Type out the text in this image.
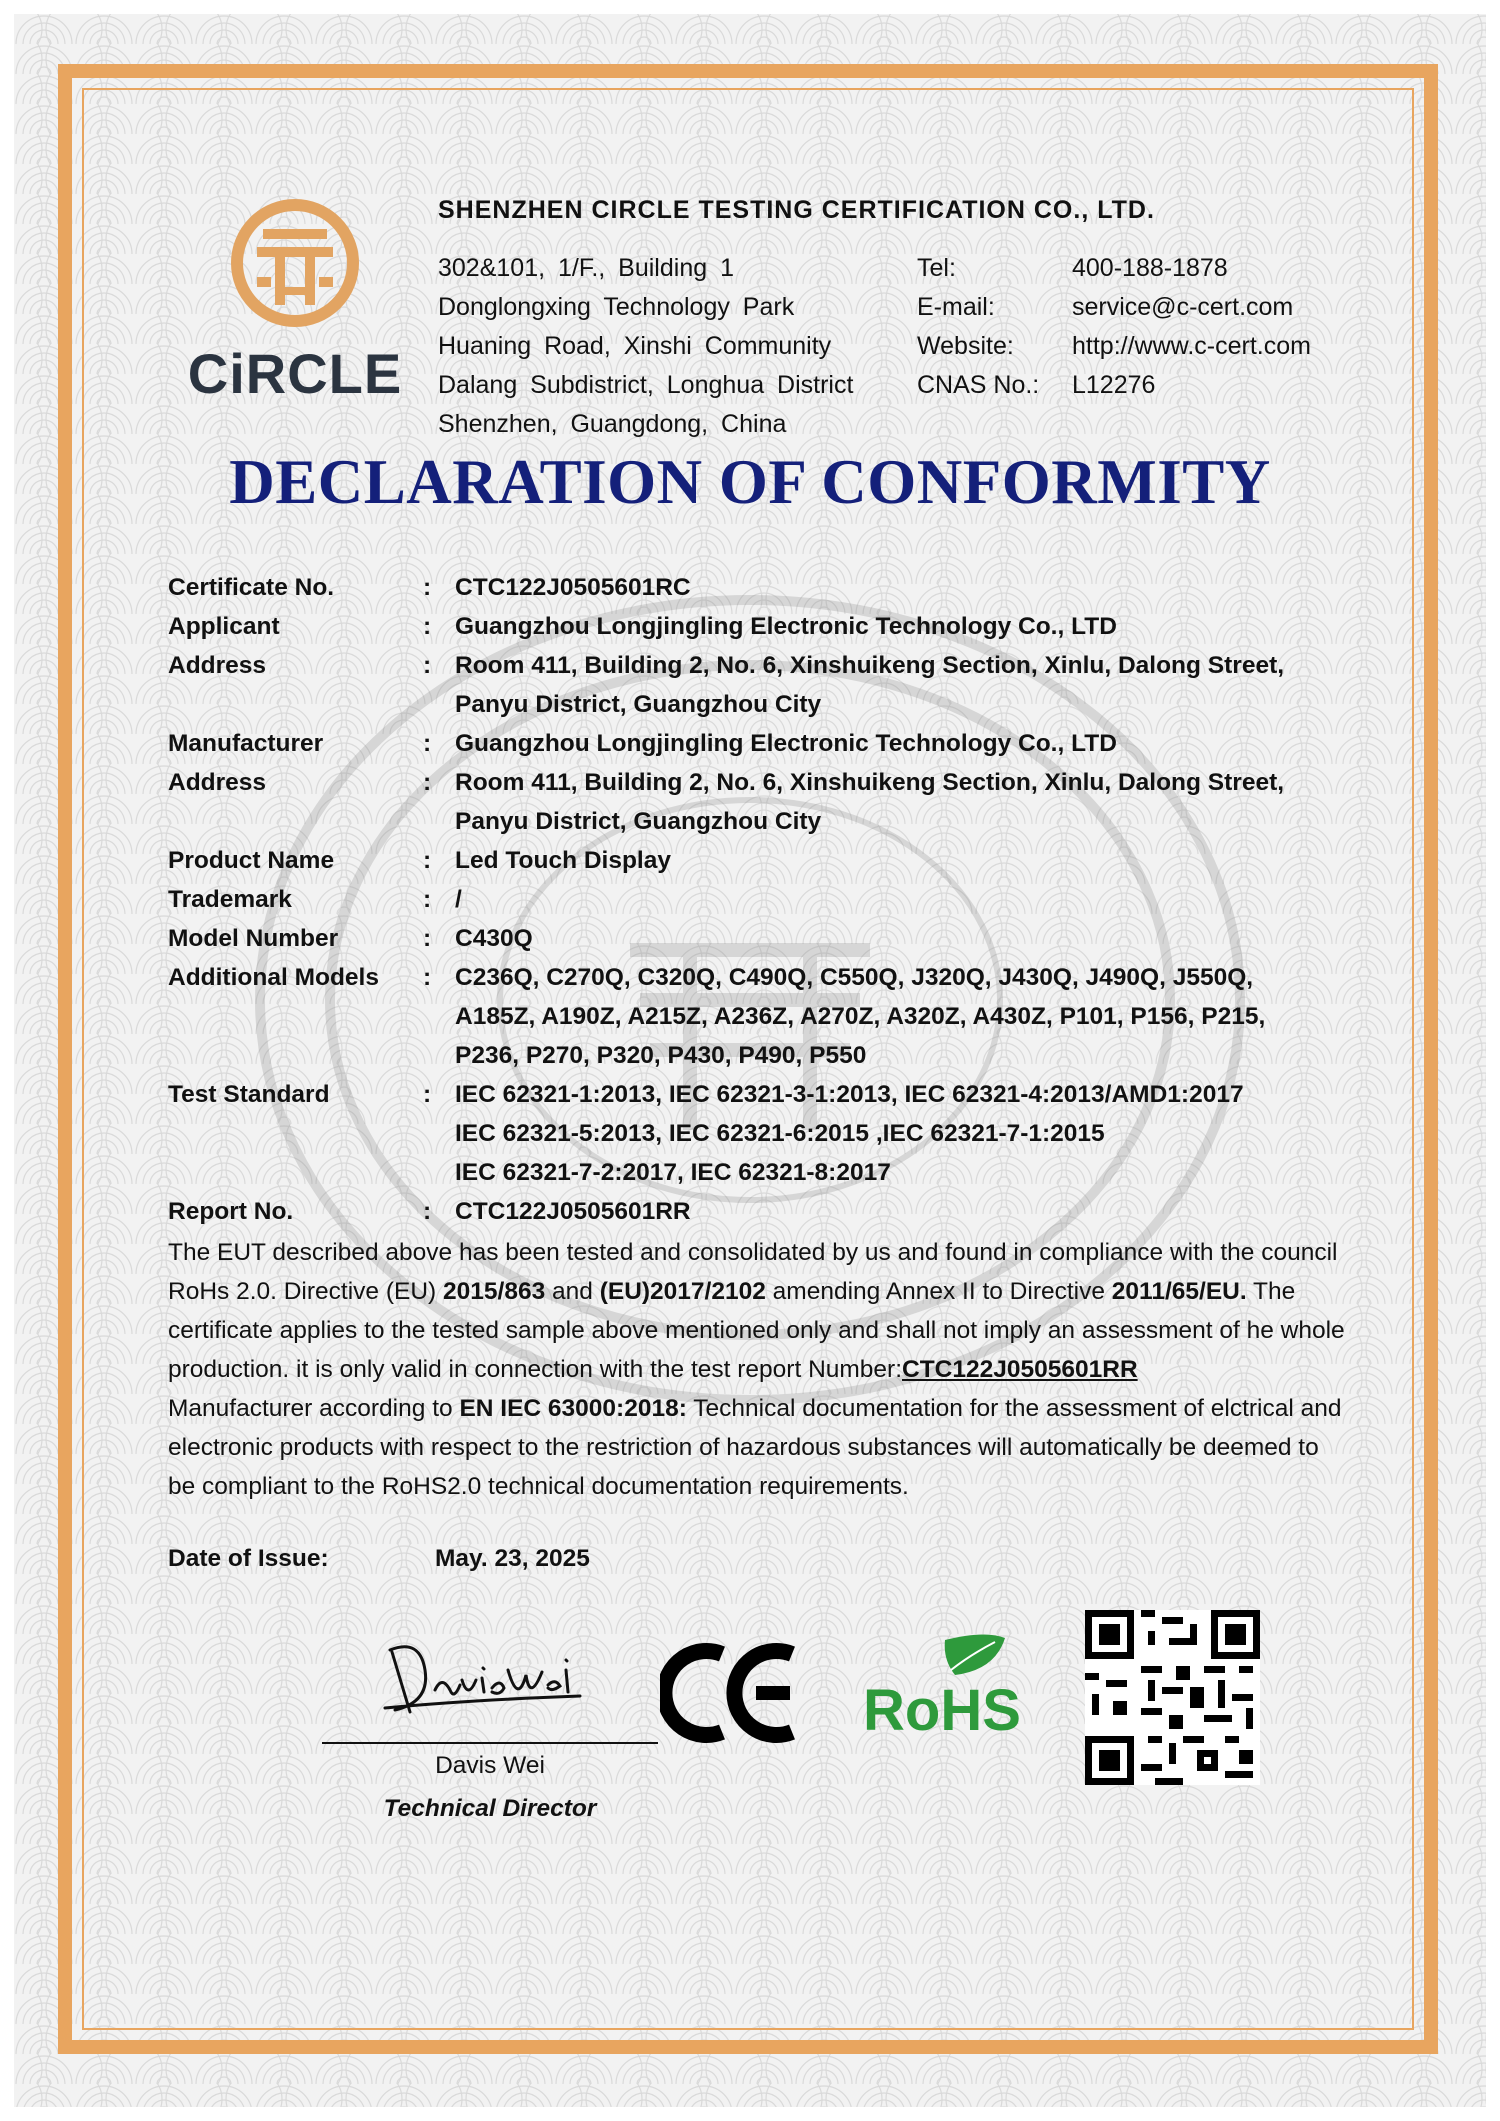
CiRCLE
SHENZHEN CIRCLE TESTING CERTIFICATION CO., LTD.
302&101, 1/F., Building 1
Donglongxing Technology Park
Huaning Road, Xinshi Community
Dalang Subdistrict, Longhua District
Shenzhen, Guangdong, China
Tel:	400-188-1878
E-mail:	service@c-cert.com
Website:	http://www.c-cert.com
CNAS No.:	L12276
DECLARATION OF CONFORMITY
Certificate No.	: CTC122J0505601RC
Applicant	: Guangzhou Longjingling Electronic Technology Co., LTD
Address	: Room 411, Building 2, No. 6, Xinshuikeng Section, Xinlu, Dalong Street,
Panyu District, Guangzhou City
Manufacturer	: Guangzhou Longjingling Electronic Technology Co., LTD
Address	: Room 411, Building 2, No. 6, Xinshuikeng Section, Xinlu, Dalong Street,
Panyu District, Guangzhou City
Product Name	: Led Touch Display
Trademark	: /
Model Number	: C430Q
Additional Models	: C236Q, C270Q, C320Q, C490Q, C550Q, J320Q, J430Q, J490Q, J550Q,
A185Z, A190Z, A215Z, A236Z, A270Z, A320Z, A430Z, P101, P156, P215,
P236, P270, P320, P430, P490, P550
Test Standard	: IEC 62321-1:2013, IEC 62321-3-1:2013, IEC 62321-4:2013/AMD1:2017
IEC 62321-5:2013, IEC 62321-6:2015 ,IEC 62321-7-1:2015
IEC 62321-7-2:2017, IEC 62321-8:2017
Report No.	: CTC122J0505601RR
The EUT described above has been tested and consolidated by us and found in compliance with the council RoHs 2.0. Directive (EU) 2015/863 and (EU)2017/2102 amending Annex II to Directive 2011/65/EU. The certificate applies to the tested sample above mentioned only and shall not imply an assessment of he whole production. it is only valid in connection with the test report Number:CTC122J0505601RR
Manufacturer according to EN IEC 63000:2018: Technical documentation for the assessment of elctrical and electronic products with respect to the restriction of hazardous substances will automatically be deemed to be compliant to the RoHS2.0 technical documentation requirements.
Date of Issue:	May. 23, 2025
Davis Wei
Technical Director
RoHS
